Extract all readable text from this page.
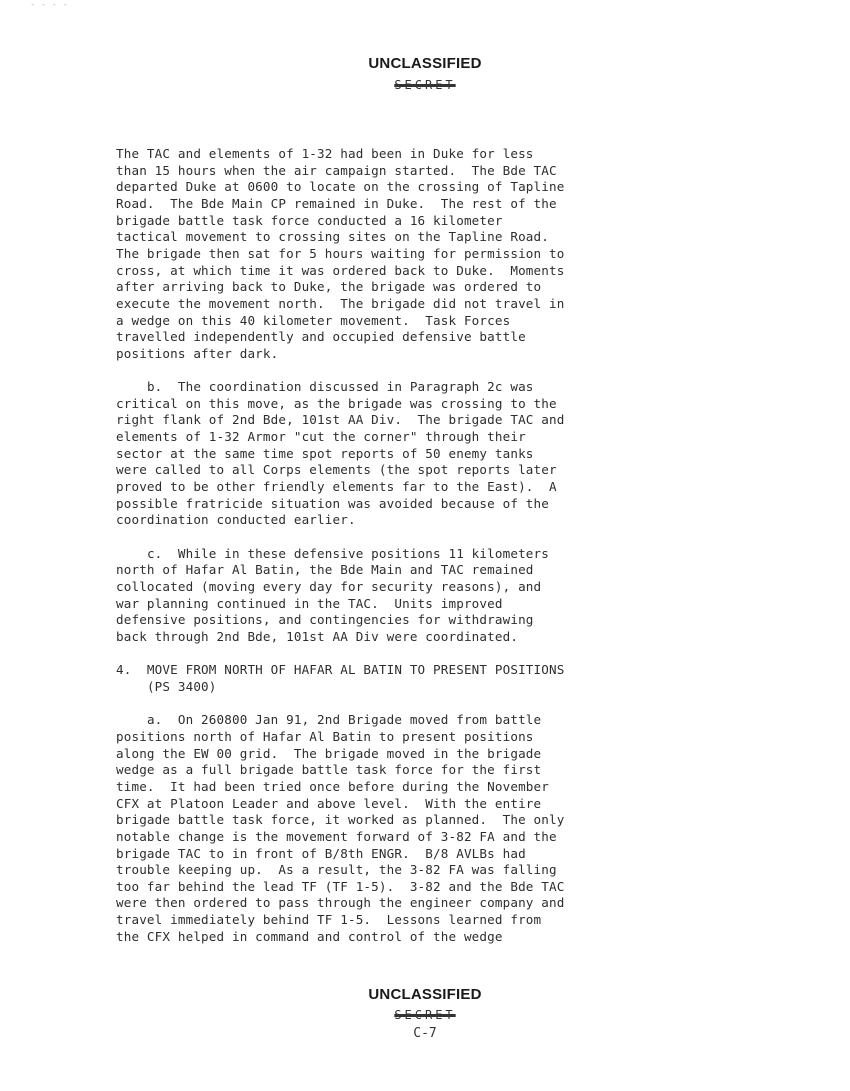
- - - -
UNCLASSIFIED
SECRET

The TAC and elements of 1-32 had been in Duke for less
than 15 hours when the air campaign started.  The Bde TAC
departed Duke at 0600 to locate on the crossing of Tapline
Road.  The Bde Main CP remained in Duke.  The rest of the
brigade battle task force conducted a 16 kilometer
tactical movement to crossing sites on the Tapline Road.
The brigade then sat for 5 hours waiting for permission to
cross, at which time it was ordered back to Duke.  Moments
after arriving back to Duke, the brigade was ordered to
execute the movement north.  The brigade did not travel in
a wedge on this 40 kilometer movement.  Task Forces
travelled independently and occupied defensive battle
positions after dark.

b.  The coordination discussed in Paragraph 2c was
critical on this move, as the brigade was crossing to the
right flank of 2nd Bde, 101st AA Div.  The brigade TAC and
elements of 1-32 Armor "cut the corner" through their
sector at the same time spot reports of 50 enemy tanks
were called to all Corps elements (the spot reports later
proved to be other friendly elements far to the East).  A
possible fratricide situation was avoided because of the
coordination conducted earlier.

c.  While in these defensive positions 11 kilometers
north of Hafar Al Batin, the Bde Main and TAC remained
collocated (moving every day for security reasons), and
war planning continued in the TAC.  Units improved
defensive positions, and contingencies for withdrawing
back through 2nd Bde, 101st AA Div were coordinated.

4.  MOVE FROM NORTH OF HAFAR AL BATIN TO PRESENT POSITIONS
(PS 3400)

a.  On 260800 Jan 91, 2nd Brigade moved from battle
positions north of Hafar Al Batin to present positions
along the EW 00 grid.  The brigade moved in the brigade
wedge as a full brigade battle task force for the first
time.  It had been tried once before during the November
CFX at Platoon Leader and above level.  With the entire
brigade battle task force, it worked as planned.  The only
notable change is the movement forward of 3-82 FA and the
brigade TAC to in front of B/8th ENGR.  B/8 AVLBs had
trouble keeping up.  As a result, the 3-82 FA was falling
too far behind the lead TF (TF 1-5).  3-82 and the Bde TAC
were then ordered to pass through the engineer company and
travel immediately behind TF 1-5.  Lessons learned from
the CFX helped in command and control of the wedge

UNCLASSIFIED
SECRET
C-7
